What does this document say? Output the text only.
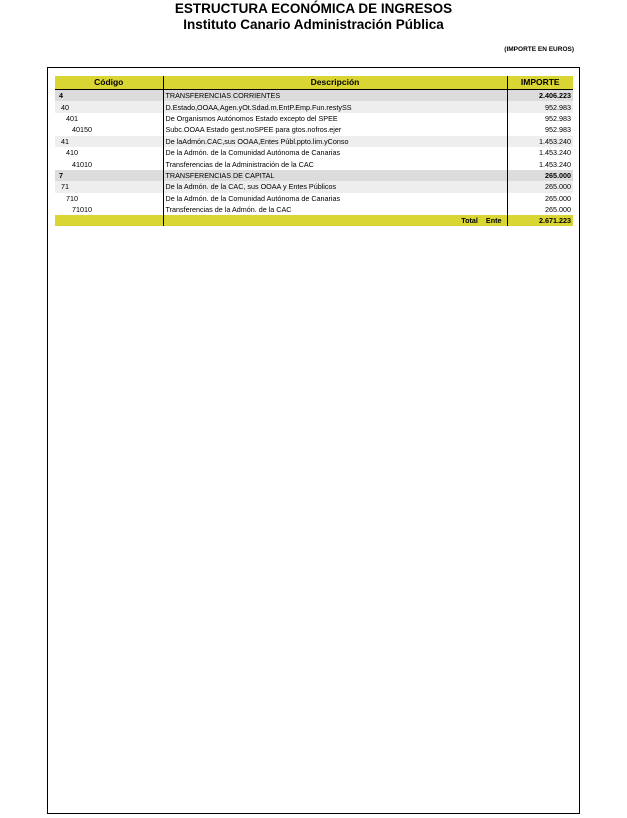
ESTRUCTURA ECONÓMICA DE INGRESOS
Instituto Canario Administración Pública
(IMPORTE EN EUROS)
Código	Descripción	IMPORTE
4	TRANSFERENCIAS CORRIENTES	2.406.223
40	D.Estado,OOAA,Agen.yOt.Sdad.m.EntP.Emp.Fun.restySS	952.983
401	De Organismos Autónomos Estado excepto del SPEE	952.983
40150	Subc.OOAA Estado gest.noSPEE para gtos.nofros.ejer	952.983
41	De laAdmón.CAC,sus OOAA,Entes Públ.ppto.lim.yConso	1.453.240
410	De la Admón. de la Comunidad Autónoma de Canarias	1.453.240
41010	Transferencias de la Administración de la CAC	1.453.240
7	TRANSFERENCIAS DE CAPITAL	265.000
71	De la Admón. de la CAC, sus OOAA y Entes Públicos	265.000
710	De la Admón. de la Comunidad Autónoma de Canarias	265.000
71010	Transferencias de la Admón. de la CAC	265.000
	Total Ente	2.671.223
